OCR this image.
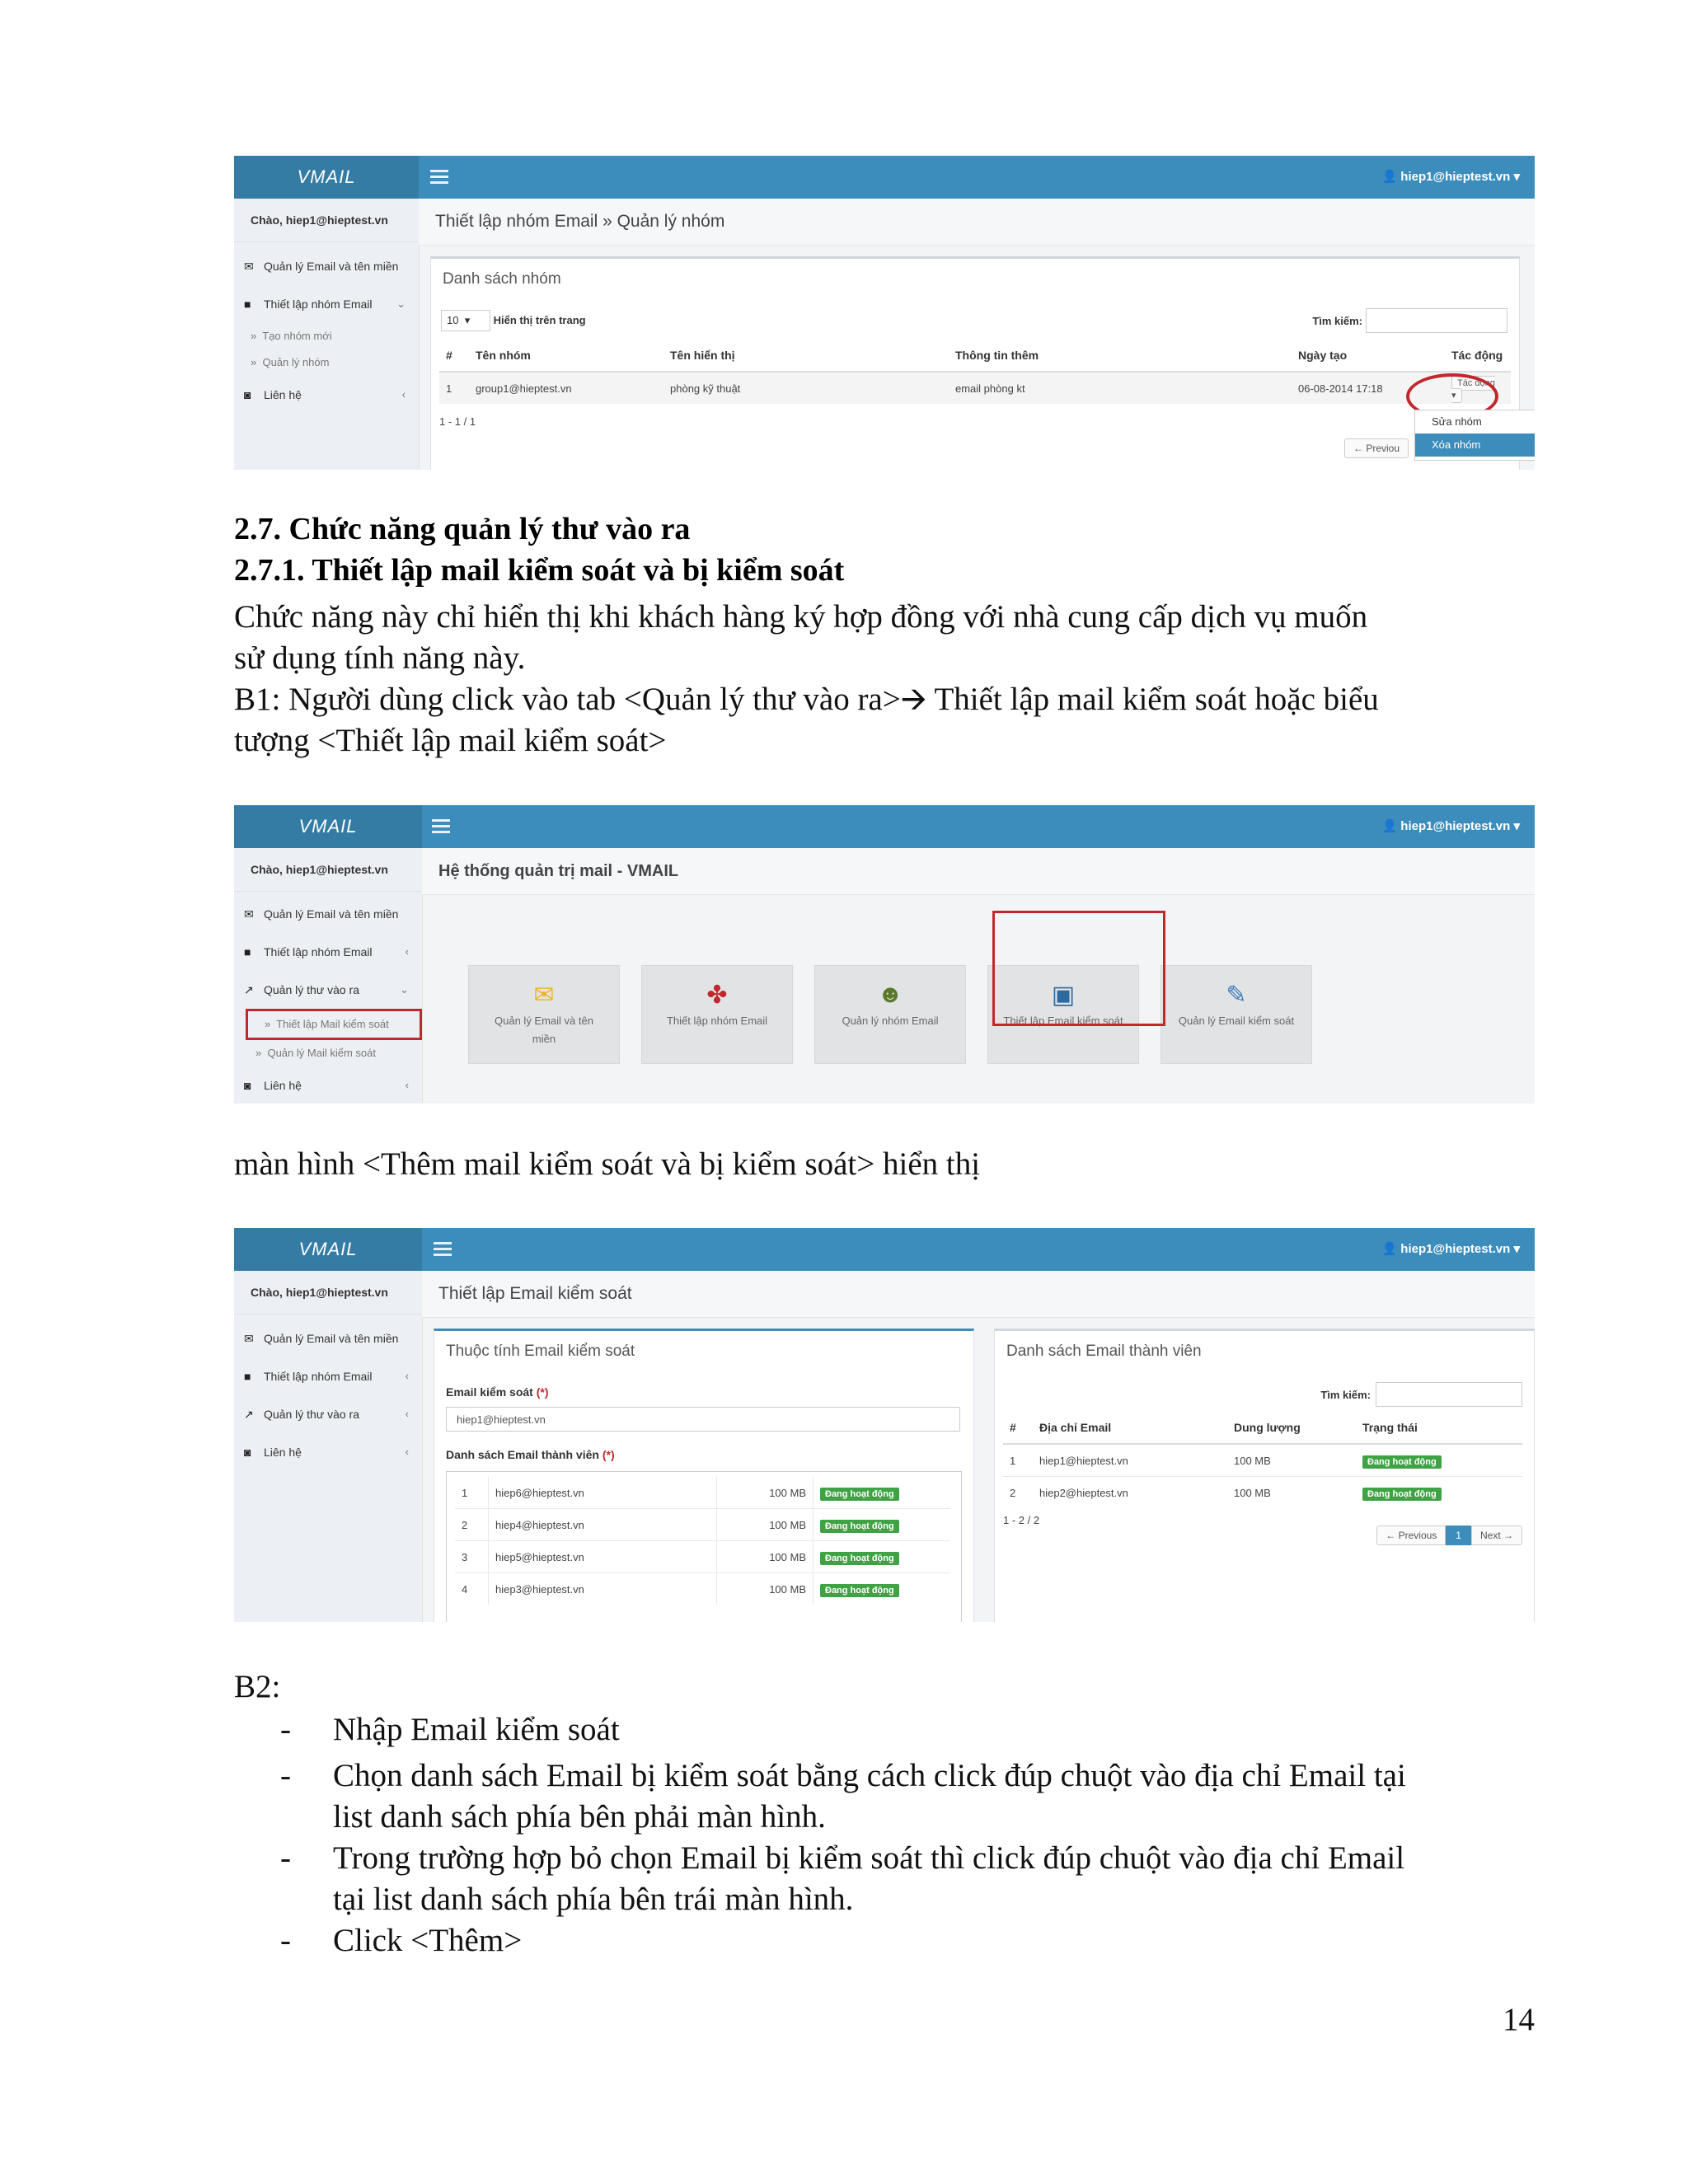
VMAIL	👤 hiep1@hieptest.vn ▾
Chào, hiep1@hieptest.vn
✉ Quản lý Email và tên miền
■ Thiết lập nhóm Email ⌄
»  Tạo nhóm mới
»  Quản lý nhóm
◙ Liên hệ	‹
Thiết lập nhóm Email » Quản lý nhóm
Danh sách nhóm
10  ▾ Hiển thị trên trang	Tìm kiếm:
#	Tên nhóm	Tên hiển thị	Thông tin thêm	Ngày tạo	Tác động
1	group1@hieptest.vn	phòng kỹ thuật	email phòng kt	06-08-2014 17:18	Tác động ▾
1 - 1 / 1
← Previou
Sửa nhóm
Xóa nhóm
2.7. Chức năng quản lý thư vào ra
2.7.1. Thiết lập mail kiểm soát và bị kiểm soát
Chức năng này chỉ hiển thị khi khách hàng ký hợp đồng với nhà cung cấp dịch vụ muốn
sử dụng tính năng này.
B1: Người dùng click vào tab <Quản lý thư vào ra>🡪 Thiết lập mail kiểm soát hoặc biểu
tượng <Thiết lập mail kiểm soát>
VMAIL	👤 hiep1@hieptest.vn ▾
Chào, hiep1@hieptest.vn
✉ Quản lý Email và tên miền
■ Thiết lập nhóm Email	‹
↗ Quản lý thư vào ra	⌄
»  Thiết lập Mail kiểm soát
»  Quản lý Mail kiểm soát
◙ Liên hệ	‹
Hệ thống quản trị mail - VMAIL
✉
Quản lý Email và tên miền
✤
Thiết lập nhóm Email
☻
Quản lý nhóm Email
▣
Thiết lập Email kiểm soát
✎
Quản lý Email kiểm soát
màn hình <Thêm mail kiểm soát và bị kiểm soát> hiển thị
VMAIL	👤 hiep1@hieptest.vn ▾
Chào, hiep1@hieptest.vn
✉ Quản lý Email và tên miền
■ Thiết lập nhóm Email	‹
↗ Quản lý thư vào ra	‹
◙ Liên hệ	‹
Thiết lập Email kiểm soát
Thuộc tính Email kiểm soát
Email kiểm soát (*)
hiep1@hieptest.vn
Danh sách Email thành viên (*)
1	hiep6@hieptest.vn	100 MB	Đang hoạt động
2	hiep4@hieptest.vn	100 MB	Đang hoạt động
3	hiep5@hieptest.vn	100 MB	Đang hoạt động
4	hiep3@hieptest.vn	100 MB	Đang hoạt động
Danh sách Email thành viên
Tìm kiếm:
#	Địa chỉ Email	Dung lượng	Trạng thái
1	hiep1@hieptest.vn	100 MB	Đang hoạt động
2	hiep2@hieptest.vn	100 MB	Đang hoạt động
1 - 2 / 2
← Previous	1	Next →
B2:
- Nhập Email kiểm soát
- Chọn danh sách Email bị kiểm soát bằng cách click đúp chuột vào địa chỉ Email tại
list danh sách phía bên phải màn hình.
- Trong trường hợp bỏ chọn Email bị kiểm soát thì click đúp chuột vào địa chỉ Email
tại list danh sách phía bên trái màn hình.
- Click <Thêm>
14
